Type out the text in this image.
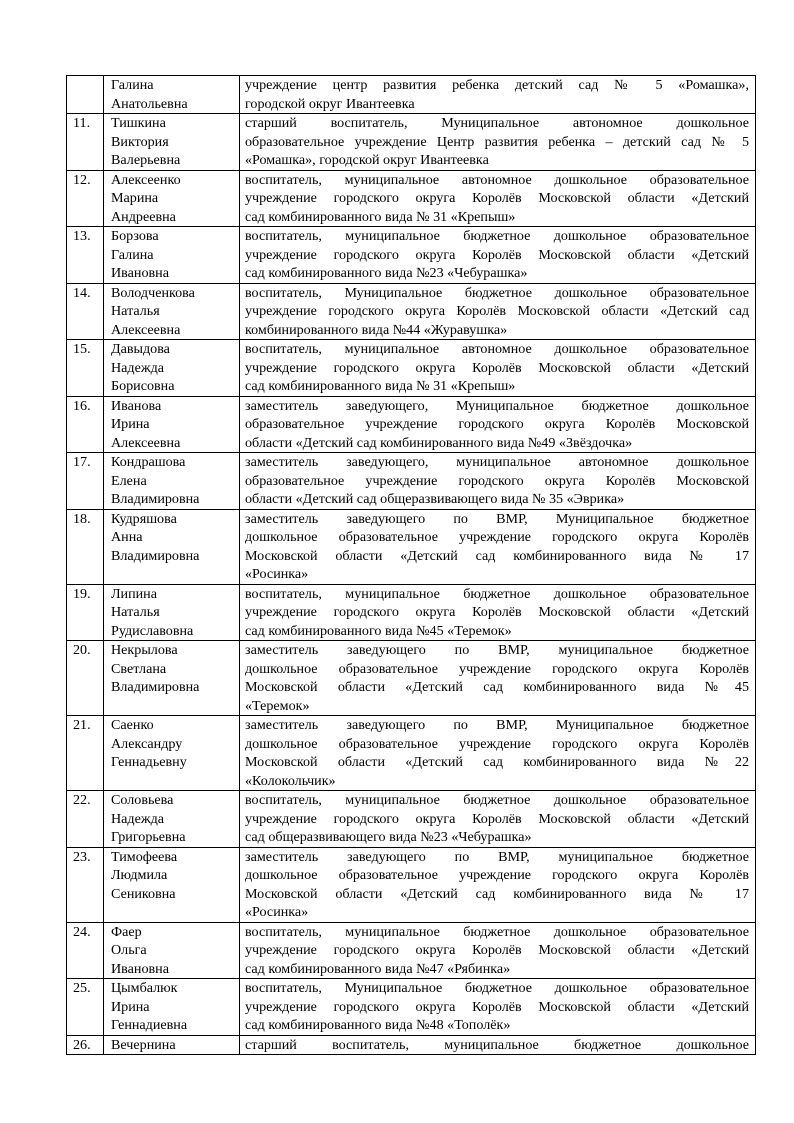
	Галина
Анатольевна	учреждение центр развития ребенка детский сад № 5 «Ромашка»,
городской округ Ивантеевка

11.	Тишкина
Виктория
Валерьевна	старший воспитатель, Муниципальное автономное дошкольное
образовательное учреждение Центр развития ребенка – детский сад № 5
«Ромашка», городской округ Ивантеевка

12.	Алексеенко
Марина
Андреевна	воспитатель, муниципальное автономное дошкольное образовательное
учреждение городского округа Королёв Московской области «Детский
сад комбинированного вида № 31 «Крепыш»

13.	Борзова
Галина
Ивановна	воспитатель, муниципальное бюджетное дошкольное образовательное
учреждение городского округа Королёв Московской области «Детский
сад комбинированного вида №23 «Чебурашка»

14.	Володченкова
Наталья
Алексеевна	воспитатель, Муниципальное бюджетное дошкольное образовательное
учреждение городского округа Королёв Московской области «Детский сад
комбинированного вида №44 «Журавушка»

15.	Давыдова
Надежда
Борисовна	воспитатель, муниципальное автономное дошкольное образовательное
учреждение городского округа Королёв Московской области «Детский
сад комбинированного вида № 31 «Крепыш»

16.	Иванова
Ирина
Алексеевна	заместитель заведующего, Муниципальное бюджетное дошкольное
образовательное учреждение городского округа Королёв Московской
области «Детский сад комбинированного вида №49 «Звёздочка»

17.	Кондрашова
Елена
Владимировна	заместитель заведующего, муниципальное автономное дошкольное
образовательное учреждение городского округа Королёв Московской
области «Детский сад общеразвивающего вида № 35 «Эврика»

18.	Кудряшова
Анна
Владимировна	заместитель заведующего по ВМР, Муниципальное бюджетное
дошкольное образовательное учреждение городского округа Королёв
Московской области «Детский сад комбинированного вида № 17
«Росинка»

19.	Липина
Наталья
Рудиславовна	воспитатель, муниципальное бюджетное дошкольное образовательное
учреждение городского округа Королёв Московской области «Детский
сад комбинированного вида №45 «Теремок»

20.	Некрылова
Светлана
Владимировна	заместитель заведующего по ВМР, муниципальное бюджетное
дошкольное образовательное учреждение городского округа Королёв
Московской области «Детский сад комбинированного вида №45
«Теремок»

21.	Саенко
Александру
Геннадьевну	заместитель заведующего по ВМР, Муниципальное бюджетное
дошкольное образовательное учреждение городского округа Королёв
Московской области «Детский сад комбинированного вида №22
«Колокольчик»

22.	Соловьева
Надежда
Григорьевна	воспитатель, муниципальное бюджетное дошкольное образовательное
учреждение городского округа Королёв Московской области «Детский
сад общеразвивающего вида №23 «Чебурашка»

23.	Тимофеева
Людмила
Сениковна	заместитель заведующего по ВМР, муниципальное бюджетное
дошкольное образовательное учреждение городского округа Королёв
Московской области «Детский сад комбинированного вида № 17
«Росинка»

24.	Фаер
Ольга
Ивановна	воспитатель, муниципальное бюджетное дошкольное образовательное
учреждение городского округа Королёв Московской области «Детский
сад комбинированного вида №47 «Рябинка»

25.	Цымбалюк
Ирина
Геннадиевна	воспитатель, Муниципальное бюджетное дошкольное образовательное
учреждение городского округа Королёв Московской области «Детский
сад комбинированного вида №48 «Тополёк»

26.	Вечернина	старший воспитатель, муниципальное бюджетное дошкольное
